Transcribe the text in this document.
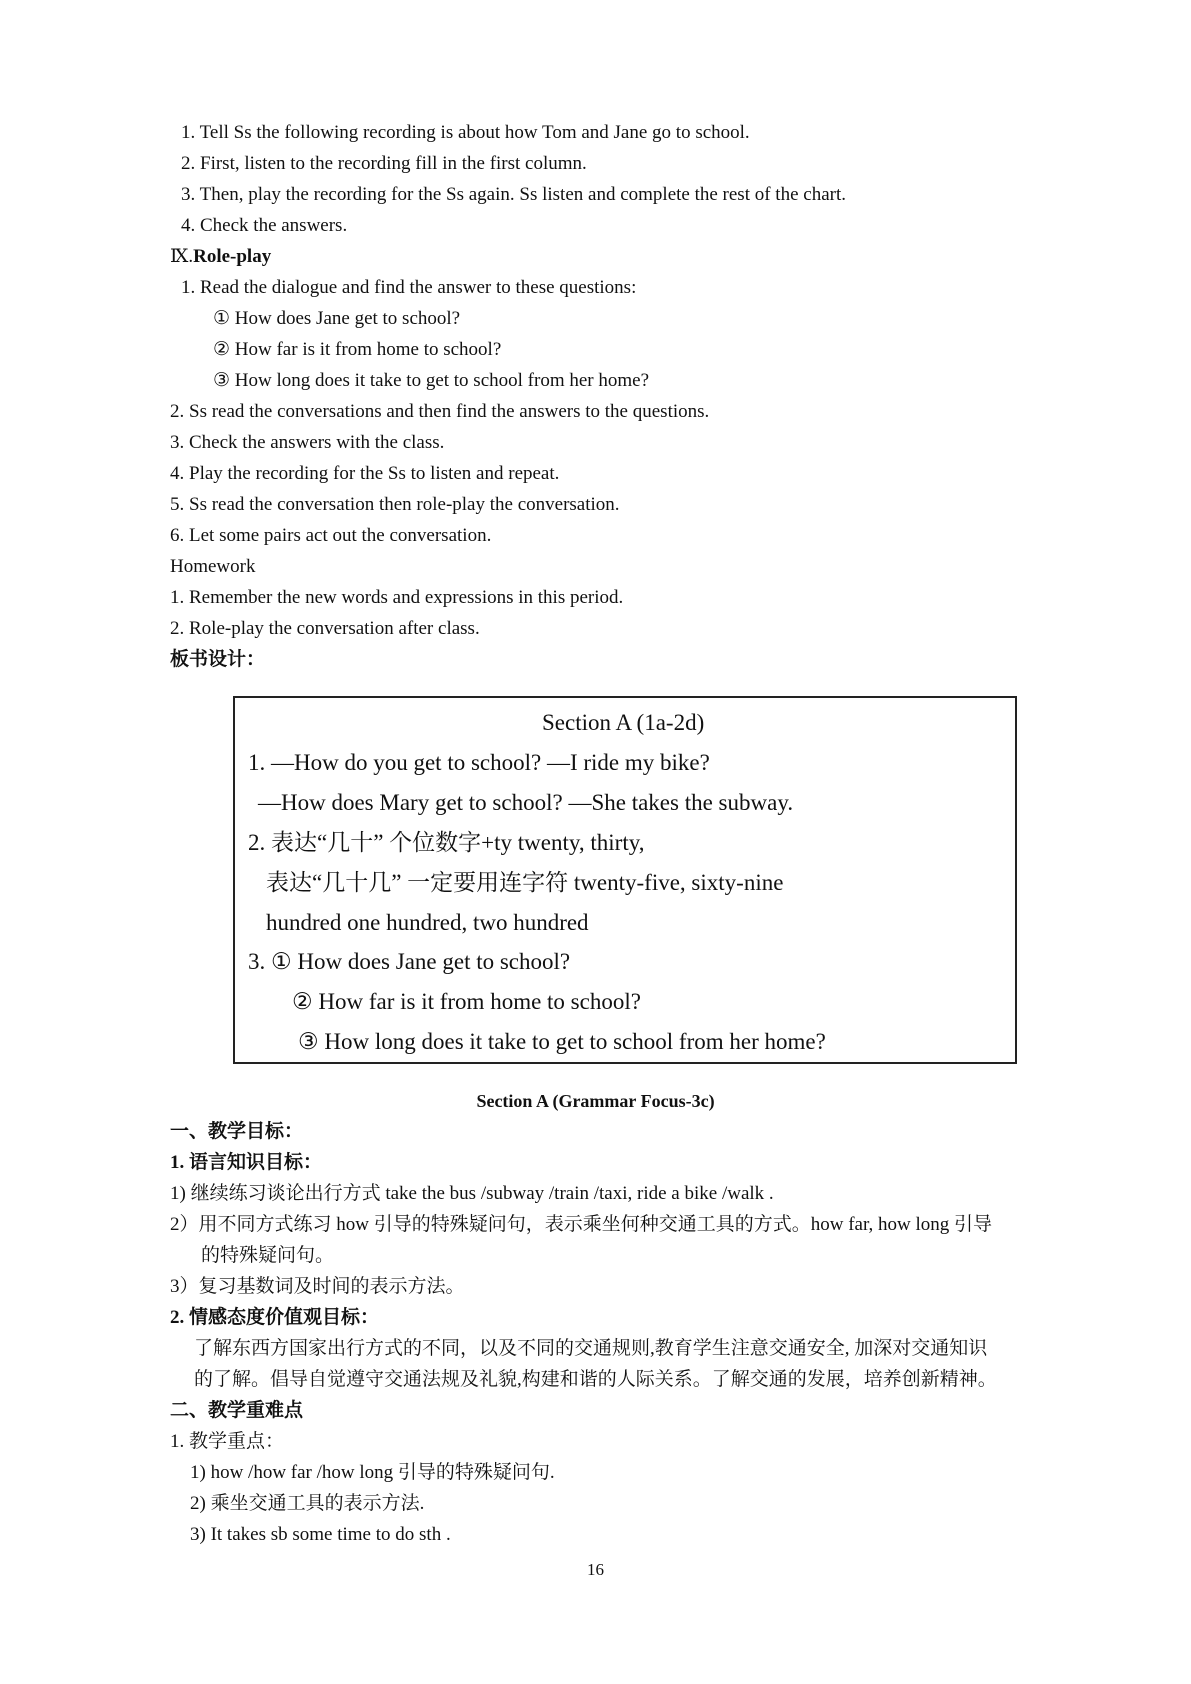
1. Tell Ss the following recording is about how Tom and Jane go to school.
2. First, listen to the recording fill in the first column.
3. Then, play the recording for the Ss again. Ss listen and complete the rest of the chart.
4. Check the answers.
Ⅸ.Role-play
1. Read the dialogue and find the answer to these questions:
① How does Jane get to school?
② How far is it from home to school?
③ How long does it take to get to school from her home?
2. Ss read the conversations and then find the answers to the questions.
3. Check the answers with the class.
4. Play the recording for the Ss to listen and repeat.
5. Ss read the conversation then role-play the conversation.
6. Let some pairs act out the conversation.
Homework
1. Remember the new words and expressions in this period.
2. Role-play the conversation after class.
板书设计：
Section A (1a-2d)
1. —How do you get to school? —I ride my bike?
—How does Mary get to school? —She takes the subway.
2. 表达“几十” 个位数字+ty twenty, thirty,
表达“几十几” 一定要用连字符 twenty-five, sixty-nine
hundred one hundred, two hundred
3. ① How does Jane get to school?
② How far is it from home to school?
③ How long does it take to get to school from her home?
Section A (Grammar Focus-3c)
一、教学目标：
1. 语言知识目标：
1) 继续练习谈论出行方式 take the bus /subway /train /taxi, ride a bike /walk .
2）用不同方式练习 how 引导的特殊疑问句，表示乘坐何种交通工具的方式。how far, how long 引导
的特殊疑问句。
3）复习基数词及时间的表示方法。
2. 情感态度价值观目标：
了解东西方国家出行方式的不同，以及不同的交通规则,教育学生注意交通安全, 加深对交通知识
的了解。倡导自觉遵守交通法规及礼貌,构建和谐的人际关系。了解交通的发展，培养创新精神。
二、教学重难点
1. 教学重点：
1) how /how far /how long 引导的特殊疑问句.
2) 乘坐交通工具的表示方法.
3) It takes sb some time to do sth .
16
